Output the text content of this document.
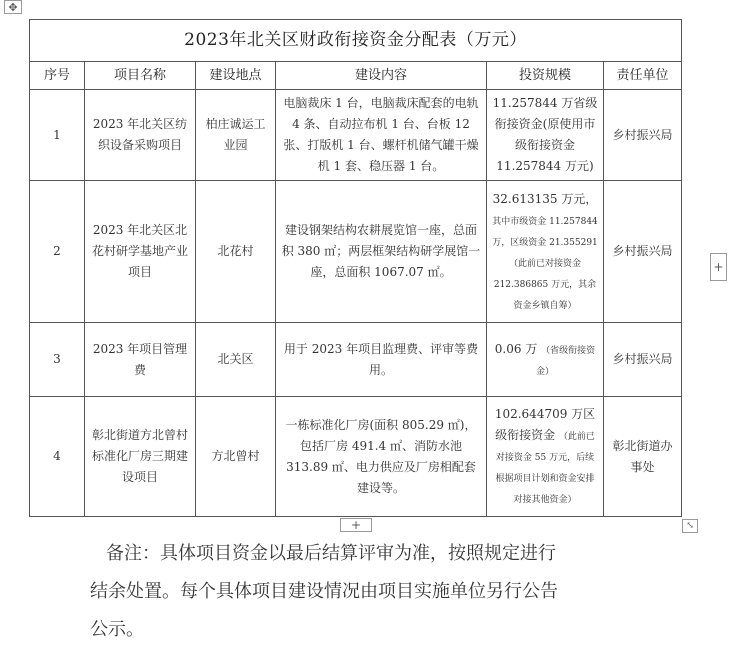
✥
2023年北关区财政衔接资金分配表（万元）					
序号	项目名称	建设地点	建设内容	投资规模	责任单位
1	2023 年北关区纺织设备采购项目	柏庄诚运工业园	电脑裁床 1 台，电脑裁床配套的电轨 4 条、自动拉布机 1 台、台板 12 张、打版机 1 台、螺杆机储气罐干燥机 1 套、稳压器 1 台。	11.257844 万省级衔接资金(原使用市级衔接资金 11.257844 万元)	乡村振兴局
2	2023 年北关区北花村研学基地产业项目	北花村	建设钢架结构农耕展览馆一座，总面积 380 ㎡；两层框架结构研学展馆一座，总面积 1067.07 ㎡。	32.613135 万元， 其中市级资金 11.257844 万，区级资金 21.355291（此前已对接资金 212.386865 万元，其余资金乡镇自筹）	乡村振兴局
3	2023 年项目管理费	北关区	用于 2023 年项目监理费、评审等费用。	0.06 万 （省级衔接资金）	乡村振兴局
4	彰北街道方北曾村标准化厂房三期建设项目	方北曾村	一栋标准化厂房(面积 805.29 ㎡)，包括厂房 491.4 ㎡、消防水池 313.89 ㎡、电力供应及厂房相配套建设等。	102.644709 万区级衔接资金 （此前已对接资金 55 万元，后续根据项目计划和资金安排对接其他资金）	彰北街道办事处
+
+	⤡
备注：具体项目资金以最后结算评审为准，按照规定进行
结余处置。每个具体项目建设情况由项目实施单位另行公告
公示。
